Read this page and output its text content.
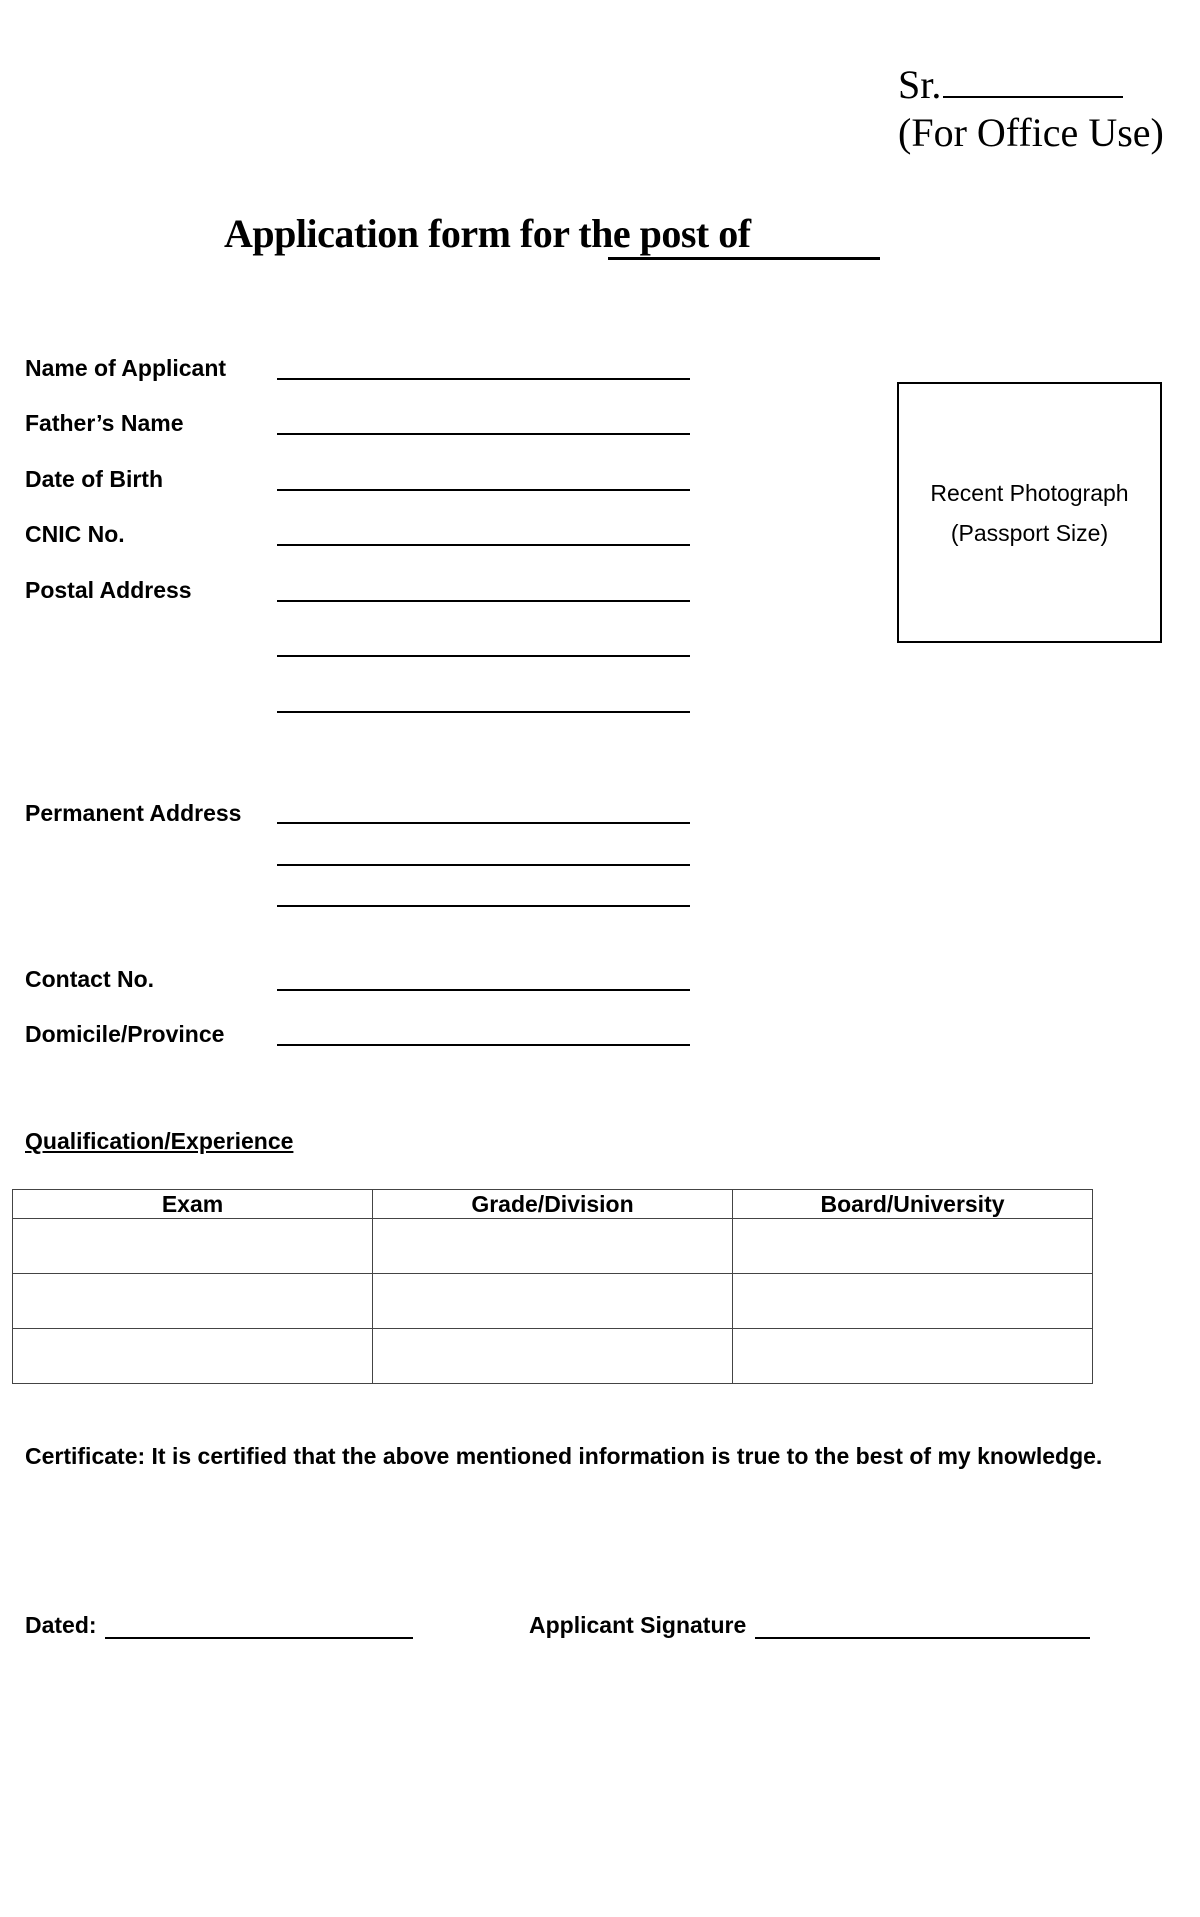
Sr.
(For Office Use)
Application form for the post of
Name of Applicant
Father’s Name
Date of Birth
CNIC No.
Postal Address
Permanent Address
Contact No.
Domicile/Province
Recent Photograph
(Passport Size)
Qualification/Experience
Exam	Grade/Division	Board/University

Certificate: It is certified that the above mentioned information is true to the best of my knowledge.
Dated:	Applicant Signature
